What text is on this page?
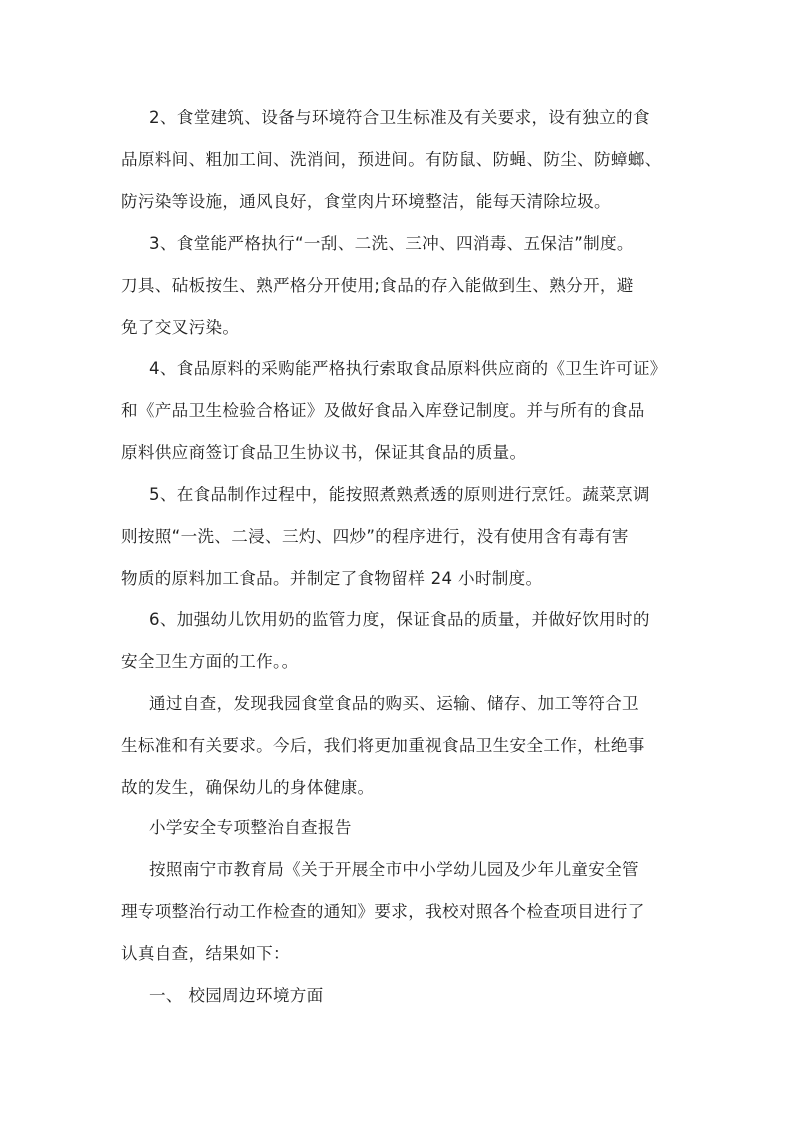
2、食堂建筑、设备与环境符合卫生标准及有关要求，设有独立的食
品原料间、粗加工间、洗消间，预进间。有防鼠、防蝇、防尘、防蟑螂、
防污染等设施，通风良好，食堂肉片环境整洁，能每天清除垃圾。
3、食堂能严格执行“一刮、二洗、三冲、四消毒、五保洁”制度。
刀具、砧板按生、熟严格分开使用;食品的存入能做到生、熟分开，避
免了交叉污染。
4、食品原料的采购能严格执行索取食品原料供应商的《卫生许可证》
和《产品卫生检验合格证》及做好食品入库登记制度。并与所有的食品
原料供应商签订食品卫生协议书，保证其食品的质量。
5、在食品制作过程中，能按照煮熟煮透的原则进行烹饪。蔬菜烹调
则按照“一洗、二浸、三灼、四炒”的程序进行，没有使用含有毒有害
物质的原料加工食品。并制定了食物留样 24 小时制度。
6、加强幼儿饮用奶的监管力度，保证食品的质量，并做好饮用时的
安全卫生方面的工作。。
通过自查，发现我园食堂食品的购买、运输、储存、加工等符合卫
生标准和有关要求。今后，我们将更加重视食品卫生安全工作，杜绝事
故的发生，确保幼儿的身体健康。
小学安全专项整治自查报告
按照南宁市教育局《关于开展全市中小学幼儿园及少年儿童安全管
理专项整治行动工作检查的通知》要求，我校对照各个检查项目进行了
认真自查，结果如下：
一、 校园周边环境方面
